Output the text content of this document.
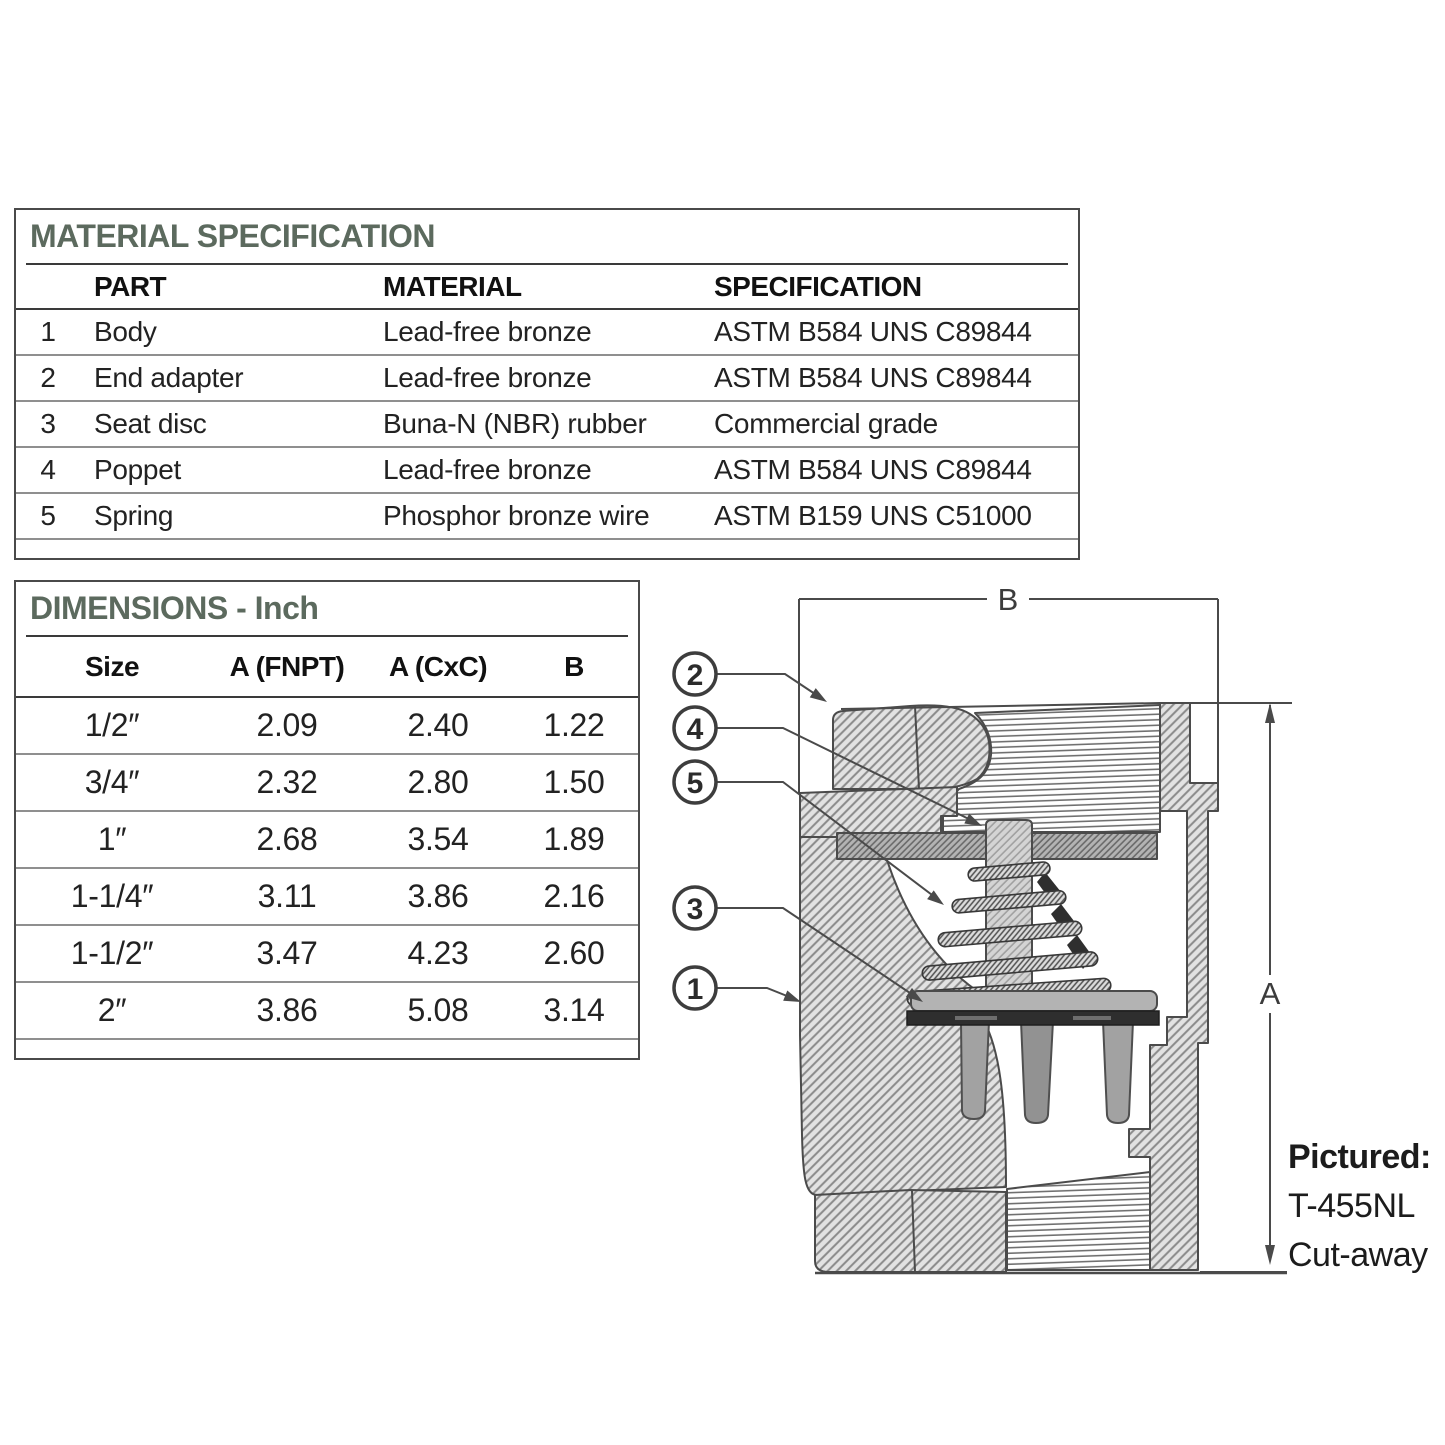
MATERIAL SPECIFICATION
	PART	MATERIAL	SPECIFICATION
1	Body	Lead-free bronze	ASTM B584 UNS C89844
2	End adapter	Lead-free bronze	ASTM B584 UNS C89844
3	Seat disc	Buna-N (NBR) rubber	Commercial grade
4	Poppet	Lead-free bronze	ASTM B584 UNS C89844
5	Spring	Phosphor bronze wire	ASTM B159 UNS C51000
DIMENSIONS - Inch
Size	A (FNPT)	A (CxC)	B
1/2″	2.09	2.40	1.22
3/4″	2.32	2.80	1.50
1″	2.68	3.54	1.89
1-1/4″	3.11	3.86	2.16
1-1/2″	3.47	4.23	2.60
2″	3.86	5.08	3.14
B
A
2
4
5
3
1
Pictured:
T-455NL
Cut-away
